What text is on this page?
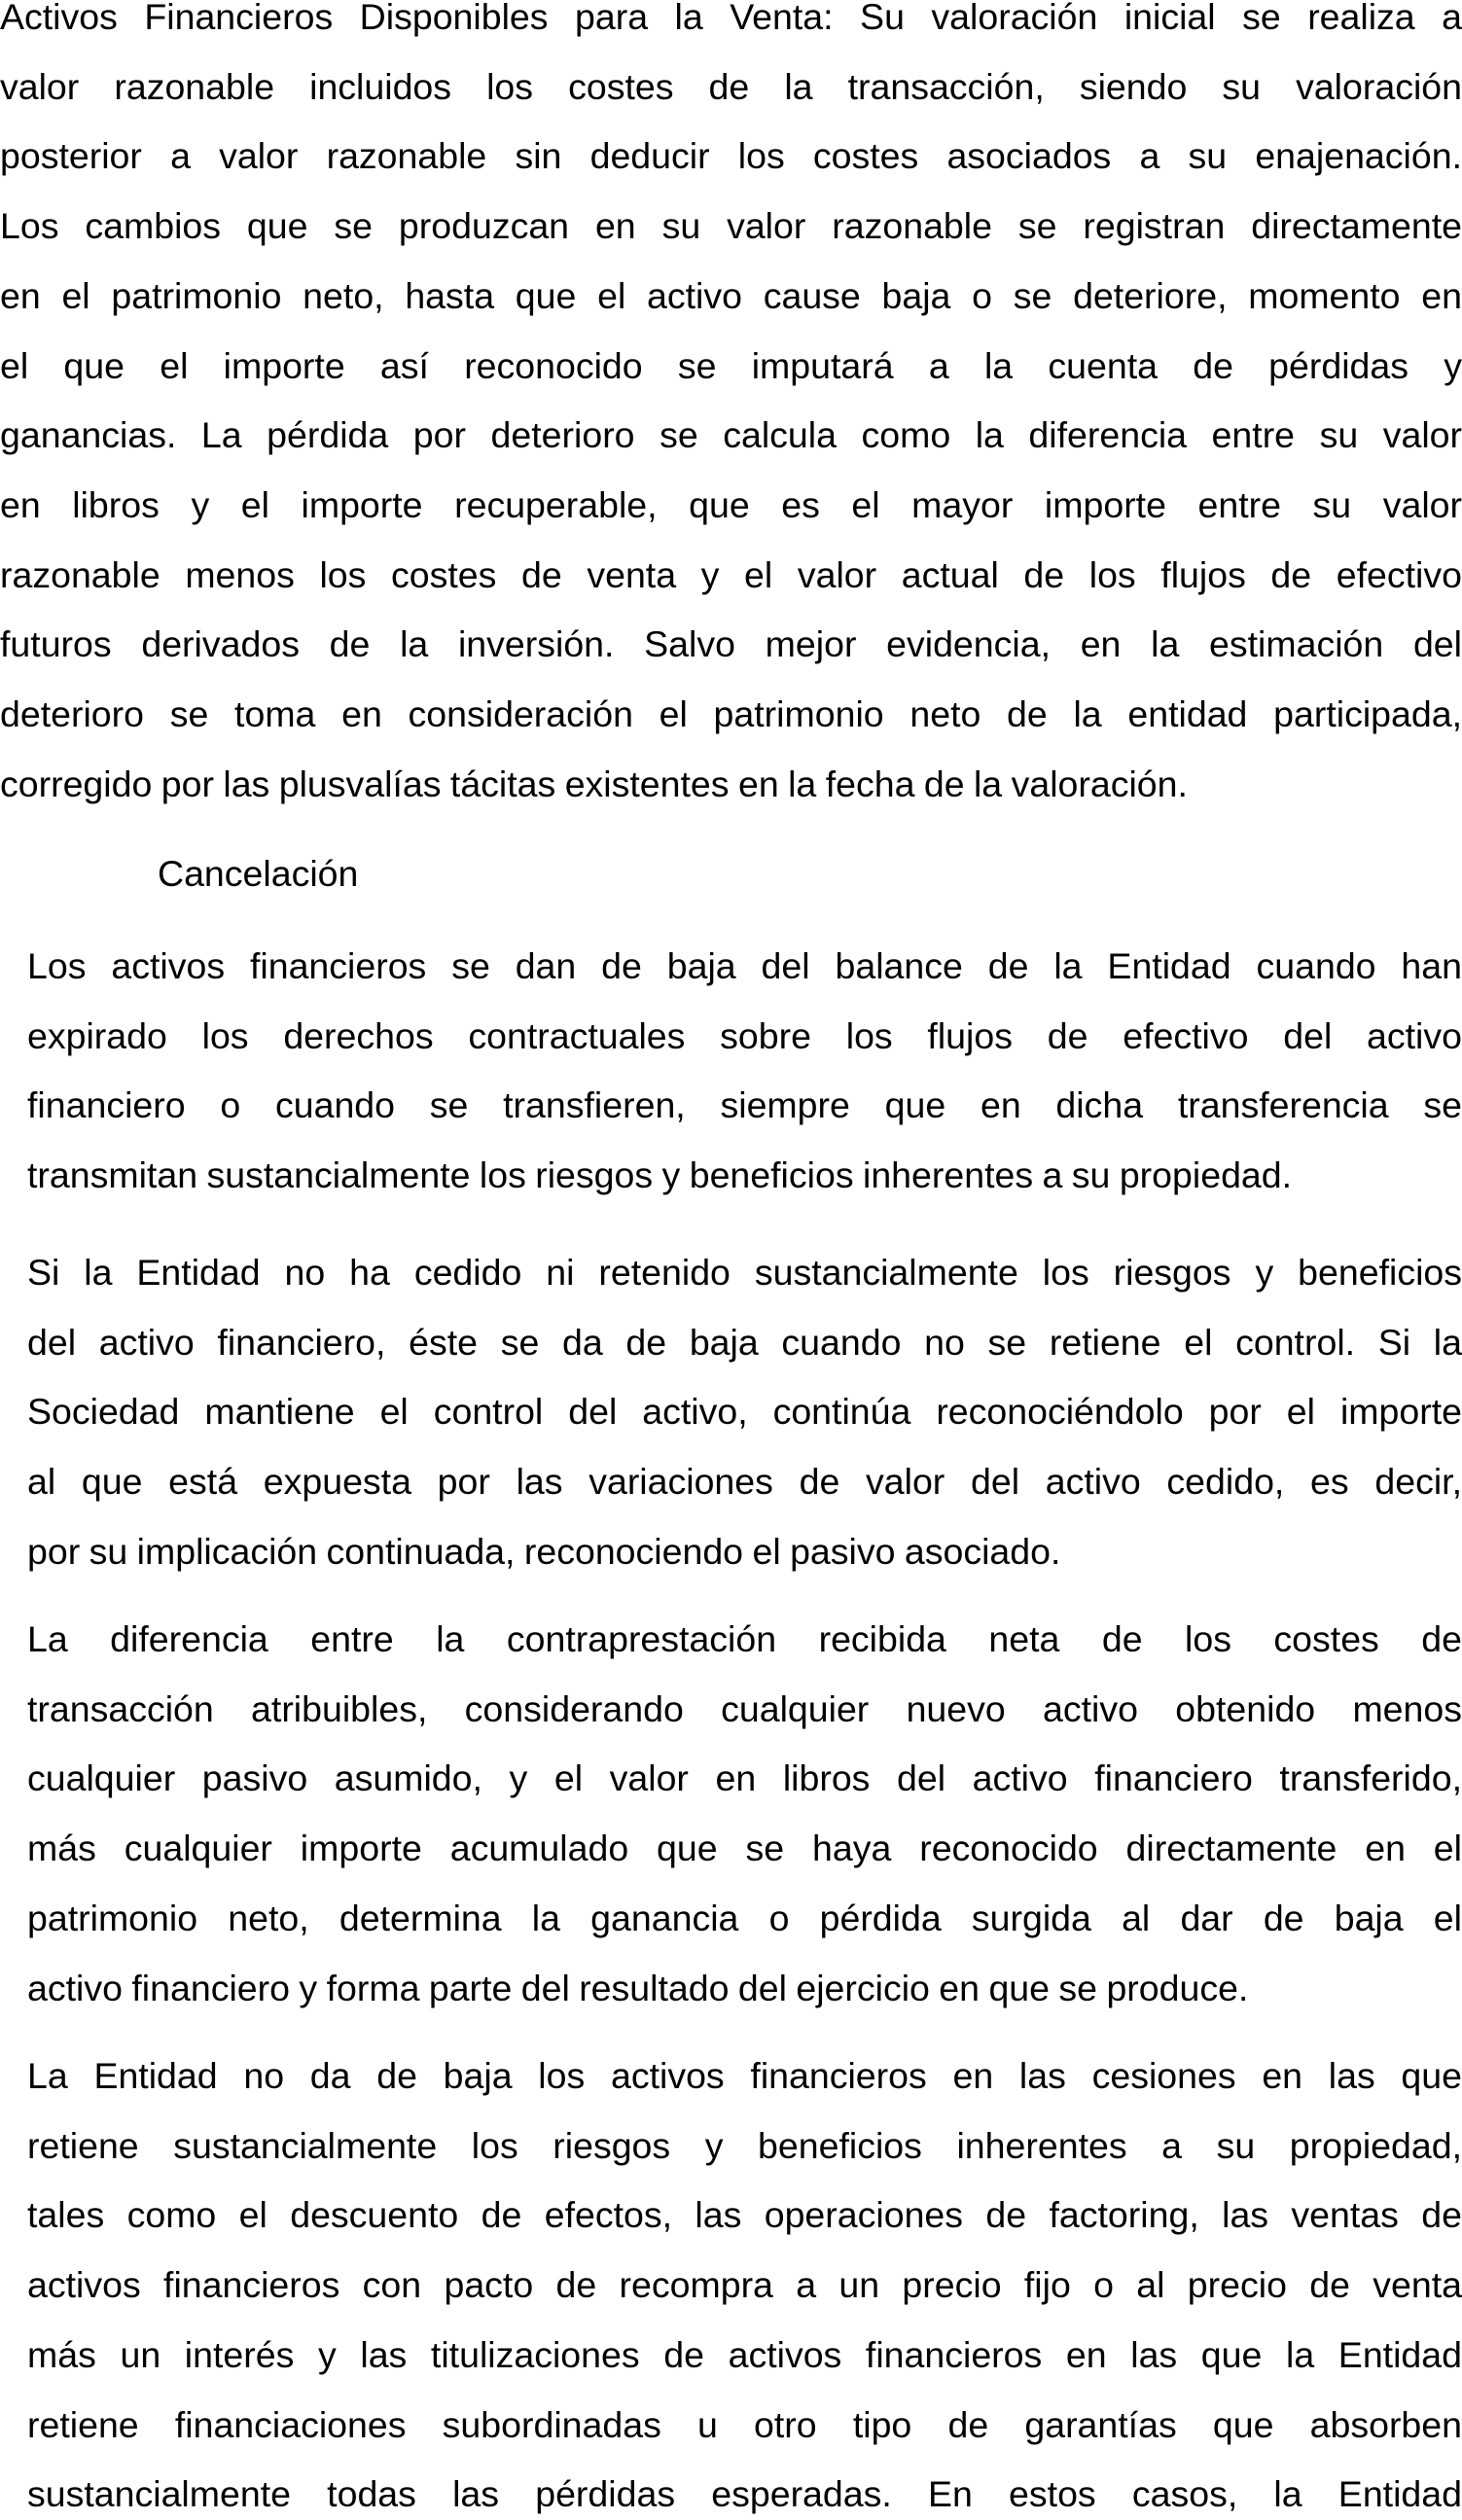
Activos Financieros Disponibles para la Venta: Su valoración inicial se realiza a

valor razonable incluidos los costes de la transacción, siendo su valoración

posterior a valor razonable sin deducir los costes asociados a su enajenación.

Los cambios que se produzcan en su valor razonable se registran directamente

en el patrimonio neto, hasta que el activo cause baja o se deteriore, momento en

el que el importe así reconocido se imputará a la cuenta de pérdidas y

ganancias. La pérdida por deterioro se calcula como la diferencia entre su valor

en libros y el importe recuperable, que es el mayor importe entre su valor

razonable menos los costes de venta y el valor actual de los flujos de efectivo

futuros derivados de la inversión. Salvo mejor evidencia, en la estimación del

deterioro se toma en consideración el patrimonio neto de la entidad participada,

corregido por las plusvalías tácitas existentes en la fecha de la valoración.

Cancelación

Los activos financieros se dan de baja del balance de la Entidad cuando han

expirado los derechos contractuales sobre los flujos de efectivo del activo

financiero o cuando se transfieren, siempre que en dicha transferencia se

transmitan sustancialmente los riesgos y beneficios inherentes a su propiedad.

Si la Entidad no ha cedido ni retenido sustancialmente los riesgos y beneficios

del activo financiero, éste se da de baja cuando no se retiene el control. Si la

Sociedad mantiene el control del activo, continúa reconociéndolo por el importe

al que está expuesta por las variaciones de valor del activo cedido, es decir,

por su implicación continuada, reconociendo el pasivo asociado.

La diferencia entre la contraprestación recibida neta de los costes de

transacción atribuibles, considerando cualquier nuevo activo obtenido menos

cualquier pasivo asumido, y el valor en libros del activo financiero transferido,

más cualquier importe acumulado que se haya reconocido directamente en el

patrimonio neto, determina la ganancia o pérdida surgida al dar de baja el

activo financiero y forma parte del resultado del ejercicio en que se produce.

La Entidad no da de baja los activos financieros en las cesiones en las que

retiene sustancialmente los riesgos y beneficios inherentes a su propiedad,

tales como el descuento de efectos, las operaciones de factoring, las ventas de

activos financieros con pacto de recompra a un precio fijo o al precio de venta

más un interés y las titulizaciones de activos financieros en las que la Entidad

retiene financiaciones subordinadas u otro tipo de garantías que absorben

sustancialmente todas las pérdidas esperadas. En estos casos, la Entidad
